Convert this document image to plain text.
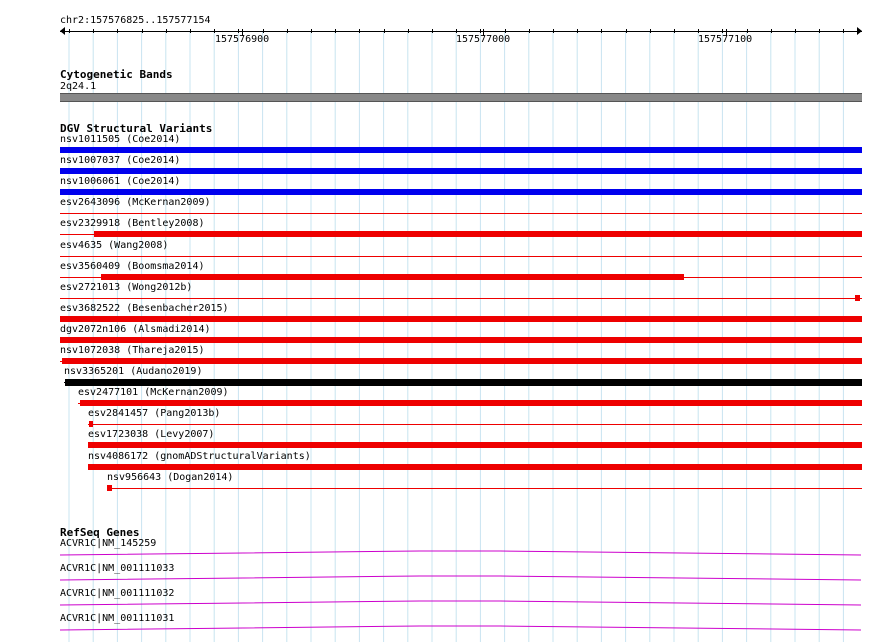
chr2:157576825..157577154
157576900	157577000	157577100
Cytogenetic Bands
2q24.1
DGV Structural Variants
nsv1011505 (Coe2014)
nsv1007037 (Coe2014)
nsv1006061 (Coe2014)
esv2643096 (McKernan2009)
esv2329918 (Bentley2008)
esv4635 (Wang2008)
esv3560409 (Boomsma2014)
esv2721013 (Wong2012b)
esv3682522 (Besenbacher2015)
dgv2072n106 (Alsmadi2014)
nsv1072038 (Thareja2015)
nsv3365201 (Audano2019)
esv2477101 (McKernan2009)
esv2841457 (Pang2013b)
esv1723038 (Levy2007)
nsv4086172 (gnomADStructuralVariants)
nsv956643 (Dogan2014)
RefSeq Genes
ACVR1C|NM_145259
ACVR1C|NM_001111033
ACVR1C|NM_001111032
ACVR1C|NM_001111031
